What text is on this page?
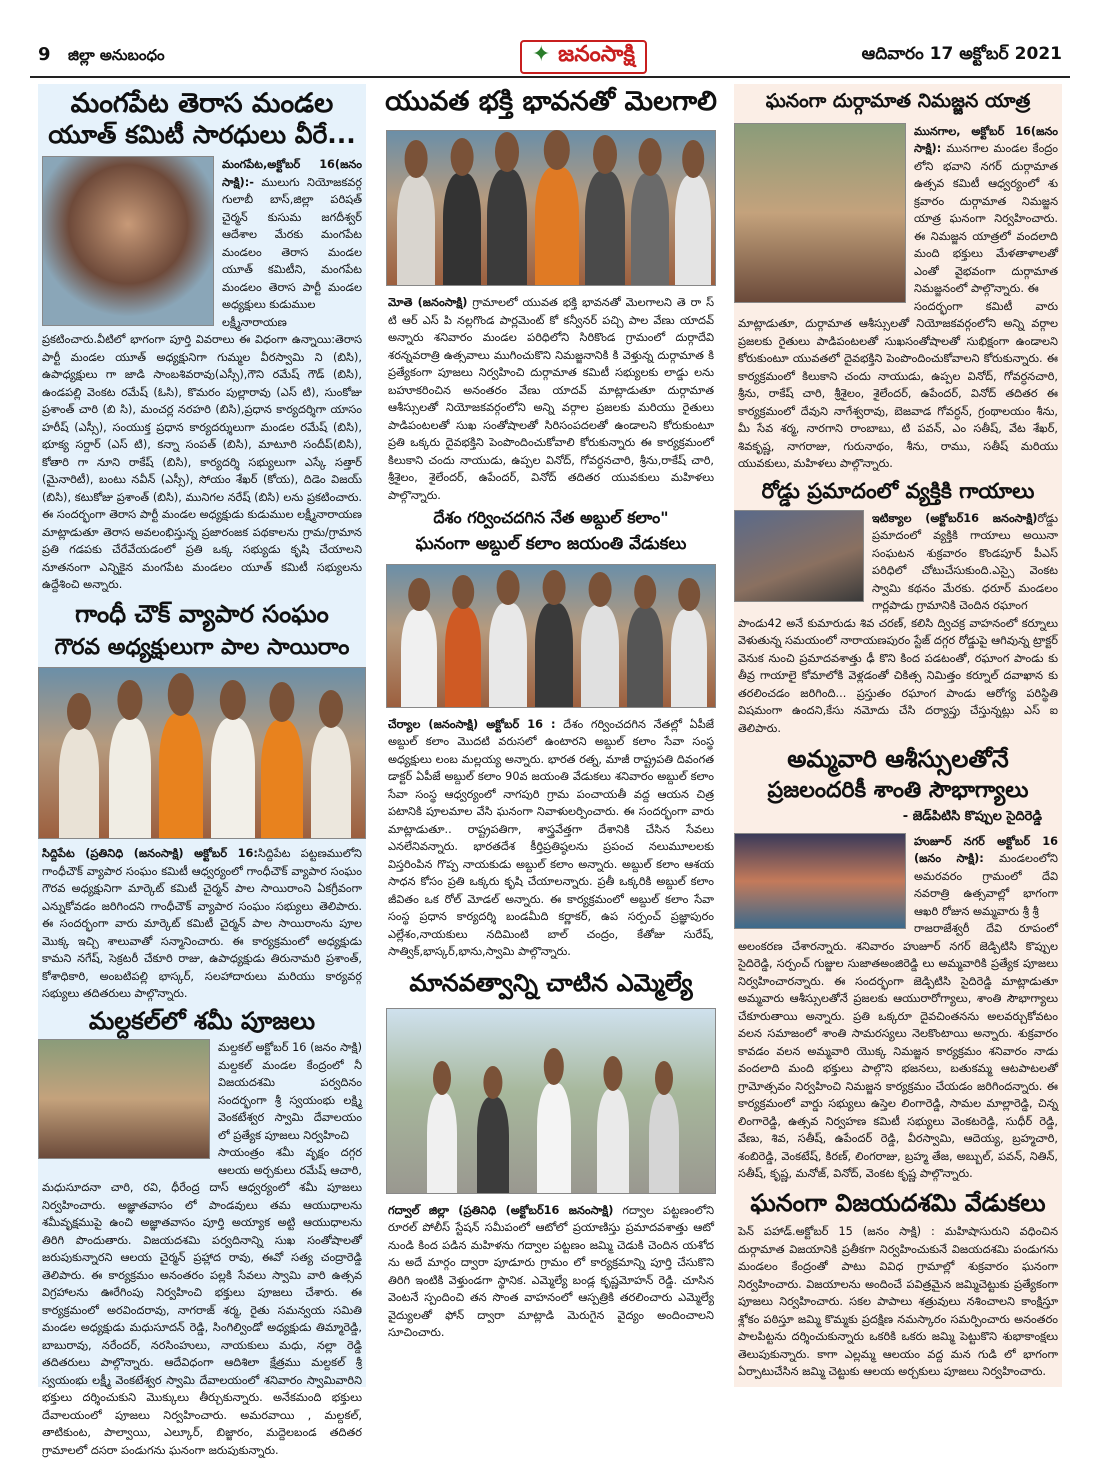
9 జిల్లా అనుబంధం	✦ జనంసాక్షి	ఆదివారం 17 అక్టోబర్ 2021
మంగపేట తెరాస మండల
యూత్ కమిటీ సారధులు వీరే...

మంగపేట,అక్టోబర్ 16(జనం సాక్షి):- ములుగు నియోజకవర్గ గులాబీ బాస్,జిల్లా పరిషత్ చైర్మన్ కుసుమ జగదీశ్వర్ ఆదేశాల మేరకు మంగపేట మండలం తెరాస మండల యూత్ కమిటీని, మంగపేట మండలం తెరాస పార్టీ మండల అధ్యక్షులు కుడుముల

లక్ష్మీనారాయణ ప్రకటించారు.వీటిలో భాగంగా పూర్తి వివరాలు ఈ విధంగా ఉన్నాయి:తెరాస పార్టీ మండల యూత్ అధ్యక్షునిగా గుమ్మల వీరస్వామి ని (బిసి), ఉపాధ్యక్షులు గా జాడి సాంబశివరావు(ఎస్సీ),గౌని రమేష్ గౌడ్ (బిసి), ఉండపల్లి వెంకట రమేష్ (ఓసి), కొమరం పుల్లారావు (ఎస్ టి), సుంకోజు ప్రశాంత్ చారి (బి సి), మంచర్ల నరహరి (బిసి),ప్రధాన కార్యదర్శిగా యాసం హరీష్ (ఎస్సీ), సంయుక్త ప్రధాన కార్యదర్శులుగా మండల రమేష్ (బిసి), భూక్య సర్దార్ (ఎస్ టి), కన్నా సంపత్ (బిసి), మాటూరి సందీప్(బిసి), కోతారి గా నూని రాకేష్ (బిసి), కార్యదర్శి సభ్యులుగా ఎస్కే సత్తార్ (మైనారిటీ), బంటు నవీన్ (ఎస్సీ), సోయం శేఖర్ (కోయ), దిడెం విజయ్ (బిసి), కటుకోజు ప్రశాంత్ (బిసి), మునిగల నరేష్ (బిసి) లను ప్రకటించారు. ఈ సందర్భంగా తెరాస పార్టీ మండల అధ్యక్షుడు కుడుముల లక్ష్మీనారాయణ మాట్లాడుతూ తెరాస అవలంభిస్తున్న ప్రజారంజక పథకాలను గ్రామ/గ్రామాన ప్రతి గడపకు చేరేవేయడంలో ప్రతి ఒక్క సభ్యుడు కృషి చేయాలని నూతనంగా ఎన్నికైన మంగపేట మండలం యూత్ కమిటీ సభ్యులను ఉద్దేశించి అన్నారు.

గాంధీ చౌక్ వ్యాపార సంఘం
గౌరవ అధ్యక్షులుగా పాల సాయిరాం

సిద్దిపేట (ప్రతినిధి (జనంసాక్షి) అక్టోబర్ 16:సిద్దిపేట పట్టణములోని గాంధీచౌక్ వ్యాపార సంఘం కమిటీ ఆధ్వర్యంలో గాంధీచౌక్ వ్యాపార సంఘం గౌరవ అధ్యక్షునిగా మార్కెట్ కమిటీ చైర్మన్ పాల సాయిరాంని ఏకగ్రీవంగా ఎన్నుకోవడం జరిగిందని గాంధీచౌక్ వ్యాపార సంఘం సభ్యులు తెలిపారు. ఈ సందర్భంగా వారు మార్కెట్ కమిటీ చైర్మన్ పాల సాయిరాంను పూల మొక్క ఇచ్చి శాలువాతో సన్మానించారు. ఈ కార్యక్రమంలో అధ్యక్షుడు కామని నగేష్, సెక్రటరీ చేకూరి రాజు, ఉపాధ్యక్షుడు తిరునామరి ప్రశాంత్, కోశాధికారి, అంబటిపల్లి భాస్కర్, సలహాదారులు మరియు కార్యవర్గ సభ్యులు తదితరులు పాల్గొన్నారు.

మల్దకల్‌లో శమీ పూజలు

మల్దకల్ అక్టోబర్ 16 (జనం సాక్షి) మల్దకల్ మండల కేంద్రంలో నీ విజయదశమి పర్వదినం సందర్భంగా శ్రీ స్వయంభు లక్ష్మి వెంకటేశ్వర స్వామి దేవాలయం లో ప్రత్యేక పూజలు నిర్వహించి

సాయంత్రం శమీ వృక్షం దగ్గర ఆలయ అర్చకులు రమేష్ ఆచారి, మధుసూదనా చారి, రవి, ధీరేంద్ర దాస్ ఆధ్వర్యంలో శమీ పూజలు నిర్వహించారు. అజ్ఞాతవాసం లో పాండవులు తమ ఆయుధాలను శమీవృక్షముపై ఉంచి అజ్ఞాతవాసం పూర్తి అయ్యాక అట్టి ఆయుధాలను తిరిగి పొందుతారు. విజయదశమి పర్వదినాన్ని సుఖ సంతోషాలతో జరుపుకున్నారని ఆలయ చైర్మన్ ప్రహ్లాద రావు, ఈవో సత్య చంద్రారెడ్డి తెలిపారు. ఈ కార్యక్రమం అనంతరం పల్లకి సేవలు స్వామి వారి ఉత్సవ విగ్రహాలను ఊరేగింపు నిర్వహించి భక్తులు పూజలు చేశారు. ఈ కార్యక్రమంలో అరవిందరావు, నాగరాజ్ శర్మ, రైతు సమన్వయ సమితి మండల అధ్యక్షుడు మధుసూదన్ రెడ్డి, సింగిల్విండో అధ్యక్షుడు తిమ్మారెడ్డి, బాబురావు, నరేందర్, నరసింహులు, నాయకులు మధు, నల్లా రెడ్డి తదితరులు పాల్గొన్నారు. ఆదేవిధంగా ఆదిశిలా క్షేత్రము మల్దకల్ శ్రీ స్వయంభు లక్ష్మీ వెంకటేశ్వర స్వామి దేవాలయంలో శనివారం స్వామివారిని భక్తులు దర్శించుకుని మొక్కులు తీర్చుకున్నారు. అనేకమంది భక్తులు దేవాలయంలో పూజలు నిర్వహించారు. అమరవాయి , మల్దకల్, తాటికుంట, పాల్వాయి, ఎల్కూర్, బిజ్జారం, మద్దెలబండ తదితర గ్రామాలలో దసరా పండుగను ఘనంగా జరుపుకున్నారు.

యువత భక్తి భావనతో మెలగాలి

మోతె (జనంసాక్షి) గ్రామాలలో యువత భక్తి భావనతో మెలగాలని తె రా స్ టి ఆర్ ఎస్ పి నల్లగొండ పార్లమెంట్ కో కన్వీనర్ పచ్చి పాల వేణు యాదవ్ అన్నారు శనివారం మండల పరిధిలోని సిరికొండ గ్రామంలో దుర్గాదేవి శరన్నవరాత్రి ఉత్సవాలు ముగించుకొని నిమజ్జనానికి కి వెళ్తున్న దుర్గామాత కి ప్రత్యేకంగా పూజలు నిర్వహించి దుర్గామాత కమిటీ సభ్యులకు లాడ్డు లను బహూకరించిన అనంతరం వేణు యాదవ్ మాట్లాడుతూ దుర్గామాత ఆశీస్సులతో నియోజకవర్గంలోని అన్ని వర్గాల ప్రజలకు మరియు రైతులు పాడిపంటలతో సుఖ సంతోషాలతో సిరిసంపదలతో ఉండాలని కోరుకుంటూ ప్రతి ఒక్కరు దైవభక్తిని పెంపొందించుకోవాలి కోరుకున్నారు ఈ కార్యక్రమంలో కిలుకాని చందు నాయుడు, ఉప్పల వినోద్, గోవర్ధనచారి, శ్రీను,రాకేష్ చారి, శ్రీశైలం, శైలేందర్, ఉపేందర్, వినోద్ తదితర యువకులు మహిళలు పాల్గొన్నారు.

దేశం గర్వించదగిన నేత అబ్దుల్ కలాం"
ఘనంగా అబ్దుల్ కలాం జయంతి వేడుకలు

చేర్యాల (జనంసాక్షి) అక్టోబర్ 16 : దేశం గర్వించదగిన నేతల్లో ఏపీజే అబ్దుల్ కలాం మొదటి వరుసలో ఉంటారని అబ్దుల్ కలాం సేవా సంస్థ అధ్యక్షులు లంబ మల్లయ్య అన్నారు. భారత రత్న, మాజీ రాష్ట్రపతి దివంగత డాక్టర్ ఏపీజే అబ్దుల్ కలాం 90వ జయంతి వేడుకలు శనివారం అబ్దుల్ కలాం సేవా సంస్థ ఆధ్వర్యంలో నాగపురి గ్రామ పంచాయతీ వద్ద ఆయన చిత్ర పటానికి పూలమాల వేసి ఘనంగా నివాళులర్పించారు. ఈ సందర్భంగా వారు మాట్లాడుతూ.. రాష్ట్రపతిగా, శాస్త్రవేత్తగా దేశానికి చేసిన సేవలు ఎనలేనివన్నారు. భారతదేశ కీర్తిప్రతిష్ఠలను ప్రపంచ నలుమూలలకు విస్తరింపిన గొప్ప నాయకుడు అబ్దుల్ కలాం అన్నారు. అబ్దుల్ కలాం ఆశయ సాధన కోసం ప్రతి ఒక్కరు కృషి చేయాలన్నారు. ప్రతీ ఒక్కరికి అబ్దుల్ కలాం జీవితం ఒక రోల్ మోడల్ అన్నారు. ఈ కార్యక్రమంలో అబ్దుల్ కలాం సేవా సంస్థ ప్రధాన కార్యదర్శి బండమీది కర్ణాకర్, ఉప సర్పంచ్ ప్రజ్ఞాపురం ఎల్లేశం,నాయకులు నదిమింటి బాల్ చంద్రం, కేతోజు సురేష్, సాత్విక్,భాస్కర్,భాను,స్వామి పాల్గొన్నారు.

మానవత్వాన్ని చాటిన ఎమ్మెల్యే

గద్వాల్ జిల్లా (ప్రతినిధి (అక్టోబర్16 జనంసాక్షి) గద్వాల పట్టణంలోని రూరల్ పోలీస్ స్టేషన్ సమీపంలో ఆటోలో ప్రయాణిస్తు ప్రమాదవశాత్తు ఆటో నుండి కింద పడిన మహిళను గద్వాల పట్టణం జమ్మి చెడుకి చెందిన యశోద ను అదే మార్గం ద్వారా పూడూరు గ్రామం లో కార్యక్రమాన్ని పూర్తి చేసుకొని తిరిగి ఇంటికి వెళ్తుండగా స్థానిక. ఎమ్మెల్యే బండ్ల కృష్ణమోహన్ రెడ్డి. చూసిన వెంటనే స్పందించి తన సొంత వాహనంలో ఆస్పత్రికి తరలించారు ఎమ్మెల్యే వైద్యులతో ఫోన్ ద్వారా మాట్లాడి మెరుగైన వైద్యం అందించాలని సూచించారు.

ఘనంగా దుర్గామాత నిమజ్జన యాత్ర

మునగాల, అక్టోబర్ 16(జనం సాక్షి): మునగాల మండల కేంద్రం లోని భవాని నగర్ దుర్గామాత ఉత్సవ కమిటీ ఆధ్వర్యంలో శు క్రవారం దుర్గామాత నిమజ్జన యాత్ర ఘనంగా నిర్వహించారు. ఈ నిమజ్జన యాత్రలో వందలాది మంది భక్తులు మేళతాళాలతో ఎంతో వైభవంగా దుర్గామాత నిమజ్జనంలో పాల్గొన్నారు. ఈ

సందర్భంగా కమిటీ వారు మాట్లాడుతూ, దుర్గామాత ఆశీస్సులతో నియోజకవర్గంలోని అన్ని వర్గాల ప్రజలకు రైతులు పాడిపంటలతో సుఖసంతోషాలతో సుభిక్షంగా ఉండాలని కోరుకుంటూ యువతలో దైవభక్తిని పెంపొందించుకోవాలని కోరుకున్నారు. ఈ కార్యక్రమంలో కిలుకాని చందు నాయుడు, ఉప్పల వినోద్, గోవర్ధనచారి, శ్రీను, రాకేష్ చారి, శ్రీశైలం, శైలేందర్, ఉపేందర్, వినోద్ తదితర ఈ కార్యక్రమంలో దేవుని నాగేశ్వరావు, బెజవాడ గోవర్ధన్, గ్రంథాలయం శీను, మీ సేవ శర్మ, నారగాని రాంబాబు, టి పవన్, ఎం సతీష్, వేట శేఖర్, శివకృష్ణ, నాగరాజు, గురునాథం, శీను, రాము, సతీష్ మరియు యువకులు, మహిళలు పాల్గొన్నారు.

రోడ్డు ప్రమాదంలో వ్యక్తికి గాయాలు

ఇటిక్యాల (అక్టోబర్16 జనంసాక్షి)రోడ్డు ప్రమాదంలో వ్యక్తికి గాయాలు అయినా సంఘటన శుక్రవారం కొండపూర్ పీఎస్ పరిధిలో చోటుచేసుకుంది.ఎస్సై వెంకట స్వామి కథనం మేరకు. ధరూర్ మండలం గార్లపాడు గ్రామానికి చెందిన రఘాంగ

పాండు42 అనే కుమారుడు శివ చరణ్, కలిసి ద్విచక్ర వాహనంలో కర్నూలు వెళుతున్న సమయంలో నారాయణపురం స్టేజ్ దగ్గర రోడ్డుపై ఆగివున్న ట్రాక్టర్ వెనుక నుంచి ప్రమాదవశాత్తు ఢీ కొని కింద పడటంతో, రఘాంగ పాండు కు తీవ్ర గాయాలై కోమాలోకి వెళ్లడంతో చికిత్స నిమిత్తం కర్నూల్ దవాఖాన కు తరలించడం జరిగింది... ప్రస్తుతం రఘాంగ పాండు ఆరోగ్య పరిస్థితి విషమంగా ఉందని,కేసు నమోదు చేసి దర్యాప్తు చేస్తున్నట్లు ఎస్ ఐ తెలిపారు.

అమ్మవారి ఆశీస్సులతోనే
ప్రజలందరికీ శాంతి సౌభాగ్యాలు
- జెడ్‌పిటిసి కొప్పుల సైదిరెడ్డి

హుజూర్ నగర్ అక్టోబర్ 16 (జనం సాక్షి): మండలంలోని అమరవరం గ్రామంలో దేవి నవరాత్రి ఉత్సవాల్లో భాగంగా ఆఖరి రోజున అమ్మవారు శ్రీ శ్రీ

రాజరాజేశ్వరీ దేవి రూపంలో అలంకరణ చేశారన్నారు. శనివారం హుజూర్ నగర్ జెడ్పిటిసి కొప్పుల సైదిరెడ్డి, సర్పంచ్ గుజ్జుల సుజాతఅంజిరెడ్డి లు అమ్మవారికి ప్రత్యేక పూజలు నిర్వహించారన్నారు. ఈ సందర్భంగా జెడ్పిటిసి సైదిరెడ్డి మాట్లాడుతూ అమ్మవారు ఆశీస్సులతోనే ప్రజలకు ఆయురారోగ్యాలు, శాంతి సౌభాగ్యాలు చేకూరుతాయి అన్నారు. ప్రతి ఒక్కరూ దైవచింతనను అలవర్చుకోవటం వలన సమాజంలో శాంతి సామరస్యలు నెలకొంటాయి అన్నారు. శుక్రవారం కావడం వలన అమ్మవారి యొక్క నిమజ్జన కార్యక్రమం శనివారం నాడు వందలాది మంది భక్తులు పాల్గొని భజనలు, బతుకమ్మ ఆటపాటలతో గ్రామోత్సవం నిర్వహించి నిమజ్జన కార్యక్రమం చేయడం జరిగిందన్నారు. ఈ కార్యక్రమంలో వార్డు సభ్యులు ఉస్తెల లింగారెడ్డి, సామల మాల్లారెడ్డి, చిన్న లింగారెడ్డి, ఉత్సవ నిర్వహణ కమిటీ సభ్యులు వెంకటరెడ్డి, సుధీర్ రెడ్డి, వేణు, శివ, సతీష్, ఉపేందర్ రెడ్డి, వీరస్వామి, ఆదెయ్య, బ్రహ్మచారి, శంబిరెడ్డి, వెంకటేష్, కిరణ్, లింగరాజు, బ్రహ్మ తేజ, అబ్బుల్, పవన్, నితిన్, సతీష్, కృష్ణ, మనోజ్, వినోద్, వెంకట కృష్ణ పాల్గొన్నారు.

ఘనంగా విజయదశమి వేడుకలు

పెన్ పహాడ్.అక్టోబర్ 15 (జనం సాక్షి) : మహిషాసురుని వధించిన దుర్గామాత విజయానికి ప్రతీకగా నిర్వహించుకునే విజయదశమి పండుగను మండలం కేంద్రంతో పాటు వివిధ గ్రామాల్లో శుక్రవారం ఘనంగా నిర్వహించారు. విజయాలను అందించే పవిత్రమైన జమ్మిచెట్టుకు ప్రత్యేకంగా పూజలు నిర్వహించారు. సకల పాపాలు శత్రువులు నశించాలని కాంక్షిస్తూ శ్లోకం పఠిస్తూ జమ్మి కొమ్మకు ప్రదక్షిణ నమస్కారం సమర్పించారు అనంతరం పాలపిట్టను దర్శించుకున్నారు ఒకరికి ఒకరు జమ్మి పెట్టుకొని శుభాకాంక్షలు తెలుపుకున్నారు. కాగా ఎల్లమ్మ ఆలయం వద్ద మన గుడి లో భాగంగా ఏర్పాటుచేసిన జమ్మి చెట్టుకు ఆలయ అర్చకులు పూజలు నిర్వహించారు.
